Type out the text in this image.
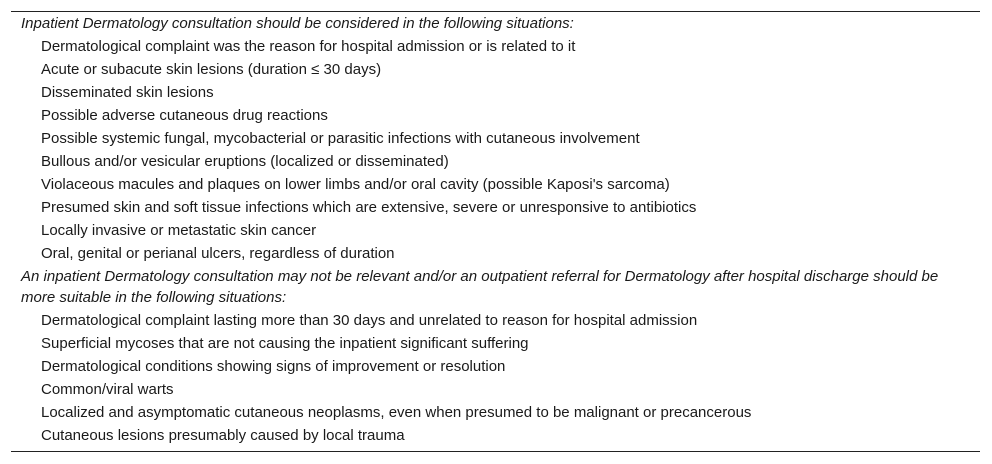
Inpatient Dermatology consultation should be considered in the following situations:

Dermatological complaint was the reason for hospital admission or is related to it
Acute or subacute skin lesions (duration ≤ 30 days)
Disseminated skin lesions
Possible adverse cutaneous drug reactions
Possible systemic fungal, mycobacterial or parasitic infections with cutaneous involvement
Bullous and/or vesicular eruptions (localized or disseminated)
Violaceous macules and plaques on lower limbs and/or oral cavity (possible Kaposi's sarcoma)
Presumed skin and soft tissue infections which are extensive, severe or unresponsive to antibiotics
Locally invasive or metastatic skin cancer
Oral, genital or perianal ulcers, regardless of duration

An inpatient Dermatology consultation may not be relevant and/or an outpatient referral for Dermatology after hospital discharge should be more suitable in the following situations:

Dermatological complaint lasting more than 30 days and unrelated to reason for hospital admission
Superficial mycoses that are not causing the inpatient significant suffering
Dermatological conditions showing signs of improvement or resolution
Common/viral warts
Localized and asymptomatic cutaneous neoplasms, even when presumed to be malignant or precancerous
Cutaneous lesions presumably caused by local trauma
